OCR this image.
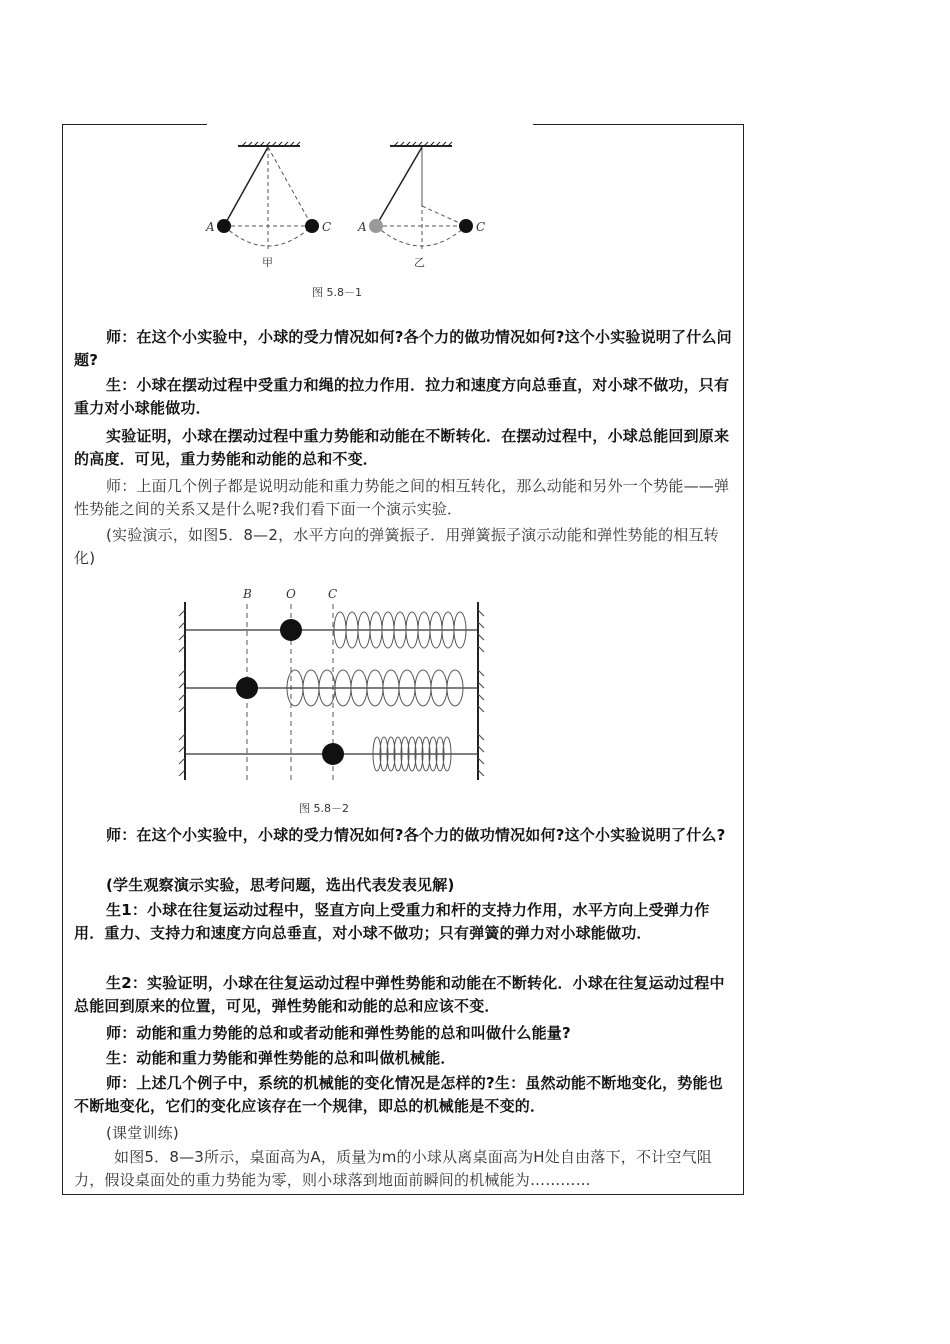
A	C
甲
A	C
乙
图 5.8－1
B	O	C
图 5.8－2

师：在这个小实验中，小球的受力情况如何?各个力的做功情况如何?这个小实验说明了什么问题?

生：小球在摆动过程中受重力和绳的拉力作用．拉力和速度方向总垂直，对小球不做功，只有重力对小球能做功．

实验证明，小球在摆动过程中重力势能和动能在不断转化．在摆动过程中，小球总能回到原来的高度．可见，重力势能和动能的总和不变．

师：上面几个例子都是说明动能和重力势能之间的相互转化，那么动能和另外一个势能——弹性势能之间的关系又是什么呢?我们看下面一个演示实验．

(实验演示，如图5．8—2，水平方向的弹簧振子．用弹簧振子演示动能和弹性势能的相互转化)

师：在这个小实验中，小球的受力情况如何?各个力的做功情况如何?这个小实验说明了什么?

(学生观察演示实验，思考问题，选出代表发表见解)

生1：小球在往复运动过程中，竖直方向上受重力和杆的支持力作用，水平方向上受弹力作用．重力、支持力和速度方向总垂直，对小球不做功；只有弹簧的弹力对小球能做功．

生2：实验证明，小球在往复运动过程中弹性势能和动能在不断转化．小球在往复运动过程中总能回到原来的位置，可见，弹性势能和动能的总和应该不变．

师：动能和重力势能的总和或者动能和弹性势能的总和叫做什么能量?

生：动能和重力势能和弹性势能的总和叫做机械能．

师：上述几个例子中，系统的机械能的变化情况是怎样的?生：虽然动能不断地变化，势能也不断地变化，它们的变化应该存在一个规律，即总的机械能是不变的．

(课堂训练)

如图5．8—3所示，桌面高为A，质量为m的小球从离桌面高为H处自由落下，不计空气阻力，假设桌面处的重力势能为零，则小球落到地面前瞬间的机械能为…………
